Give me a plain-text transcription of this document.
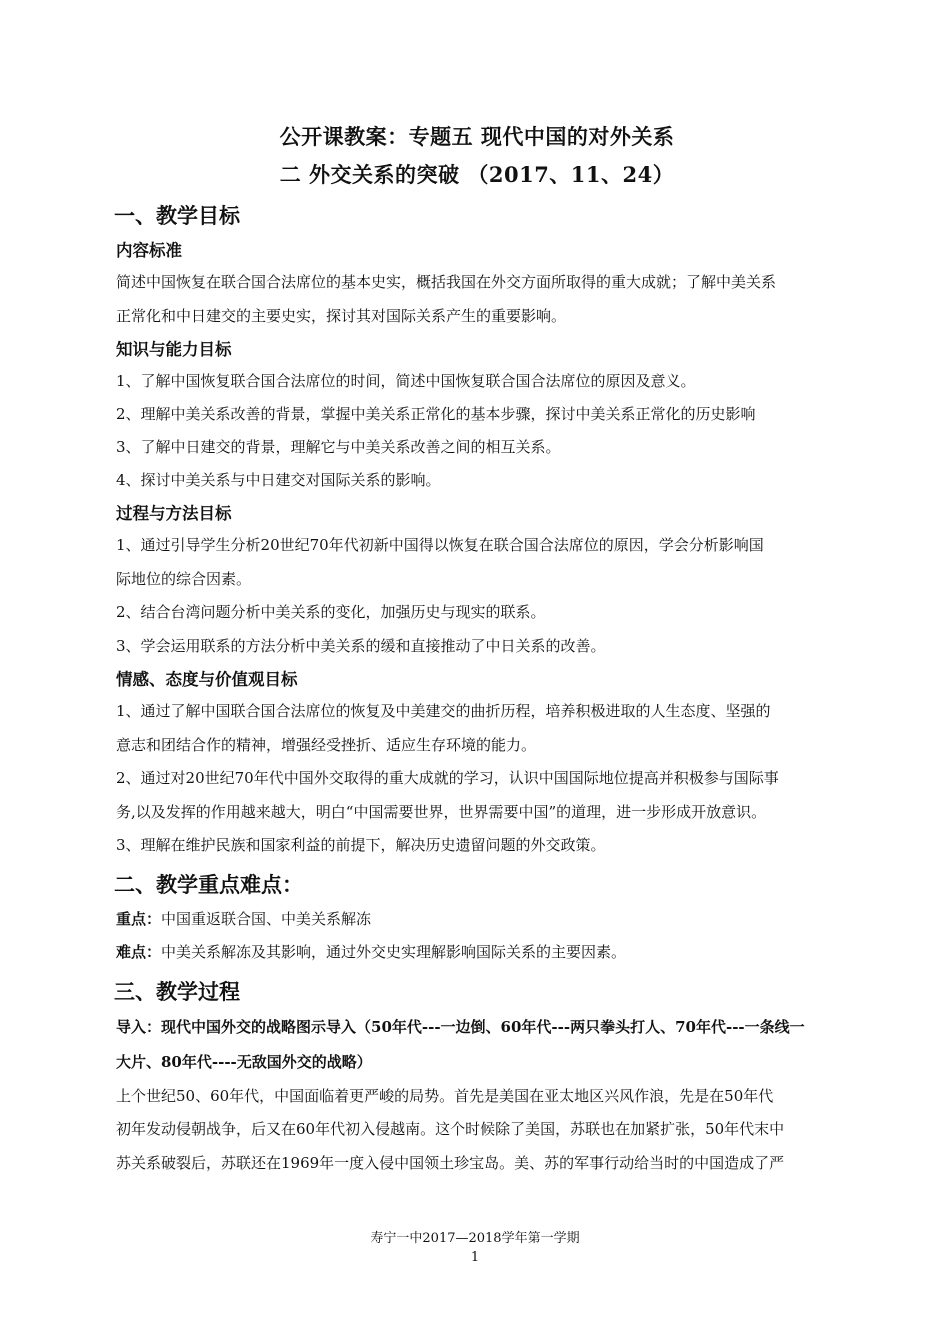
公开课教案：专题五 现代中国的对外关系

二 外交关系的突破 （2017、11、24）

一、教学目标
内容标准

简述中国恢复在联合国合法席位的基本史实，概括我国在外交方面所取得的重大成就；了解中美关系

正常化和中日建交的主要史实，探讨其对国际关系产生的重要影响。

知识与能力目标

1、了解中国恢复联合国合法席位的时间，简述中国恢复联合国合法席位的原因及意义。

2、理解中美关系改善的背景，掌握中美关系正常化的基本步骤，探讨中美关系正常化的历史影响

3、了解中日建交的背景，理解它与中美关系改善之间的相互关系。

4、探讨中美关系与中日建交对国际关系的影响。

过程与方法目标

1、通过引导学生分析20世纪70年代初新中国得以恢复在联合国合法席位的原因，学会分析影响国

际地位的综合因素。

2、结合台湾问题分析中美关系的变化，加强历史与现实的联系。

3、学会运用联系的方法分析中美关系的缓和直接推动了中日关系的改善。

情感、态度与价值观目标

1、通过了解中国联合国合法席位的恢复及中美建交的曲折历程，培养积极进取的人生态度、坚强的

意志和团结合作的精神，增强经受挫折、适应生存环境的能力。

2、通过对20世纪70年代中国外交取得的重大成就的学习，认识中国国际地位提高并积极参与国际事

务,以及发挥的作用越来越大，明白“中国需要世界，世界需要中国”的道理，进一步形成开放意识。

3、理解在维护民族和国家利益的前提下，解决历史遗留问题的外交政策。

二、教学重点难点：

重点：中国重返联合国、中美关系解冻

难点：中美关系解冻及其影响，通过外交史实理解影响国际关系的主要因素。

三、教学过程

导入：现代中国外交的战略图示导入（50年代---一边倒、60年代---两只拳头打人、70年代---一条线一

大片、80年代----无敌国外交的战略）

上个世纪50、60年代，中国面临着更严峻的局势。首先是美国在亚太地区兴风作浪，先是在50年代

初年发动侵朝战争，后又在60年代初入侵越南。这个时候除了美国，苏联也在加紧扩张，50年代末中

苏关系破裂后，苏联还在1969年一度入侵中国领土珍宝岛。美、苏的军事行动给当时的中国造成了严

寿宁一中2017—2018学年第一学期
1
